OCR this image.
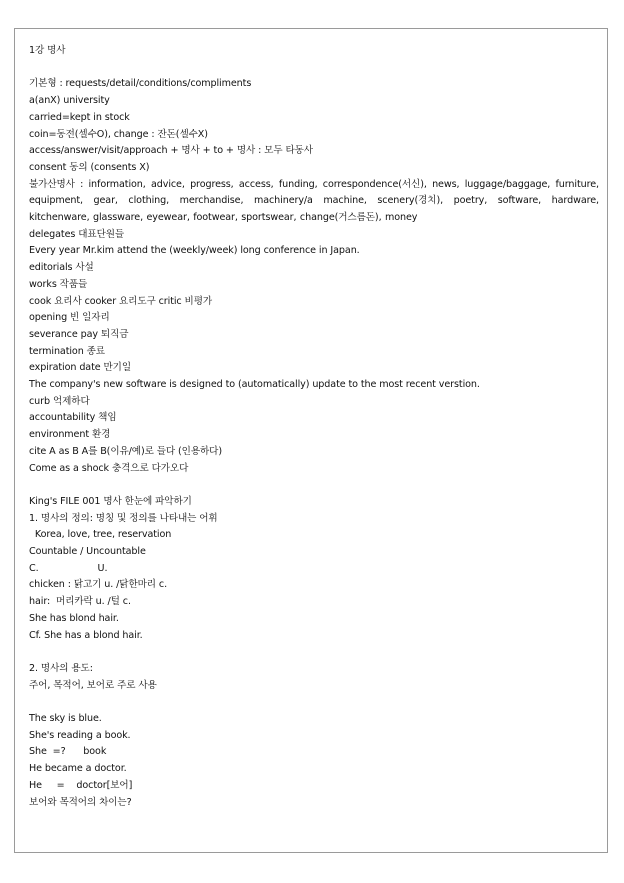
1강 명사
기본형 : requests/detail/conditions/compliments
a(anX) university
carried=kept in stock
coin=동전(셀수O), change : 잔돈(셀수X)
access/answer/visit/approach + 명사 + to + 명사 : 모두 타동사
consent 동의 (consents X)
불가산명사 : information, advice, progress, access, funding, correspondence(서신), news, luggage/baggage, furniture, equipment, gear, clothing, merchandise, machinery/a machine, scenery(경치), poetry, software, hardware, kitchenware, glassware, eyewear, footwear, sportswear, change(거스름돈), money
delegates 대표단원들
Every year Mr.kim attend the (weekly/week) long conference in Japan.
editorials 사설
works 작품들
cook 요리사 cooker 요리도구 critic 비평가
opening 빈 일자리
severance pay 퇴직금
termination 종료
expiration date 만기일
The company's new software is designed to (automatically) update to the most recent verstion.
curb 억제하다
accountability 책임
environment 환경
cite A as B A를 B(이유/예)로 들다 (인용하다)
Come as a shock 충격으로 다가오다
King's FILE 001 명사 한눈에 파악하기
1. 명사의 정의: 명칭 및 정의를 나타내는 어휘
Korea, love, tree, reservation
Countable / Uncountable
C.                    U.
chicken : 닭고기 u. /닭한마리 c.
hair:  머리카락 u. /털 c.
She has blond hair.
Cf. She has a blond hair.
2. 명사의 용도:
주어, 목적어, 보어로 주로 사용
The sky is blue.
She's reading a book.
She  =?      book
He became a doctor.
He     =    doctor[보어]
보어와 목적어의 차이는?
